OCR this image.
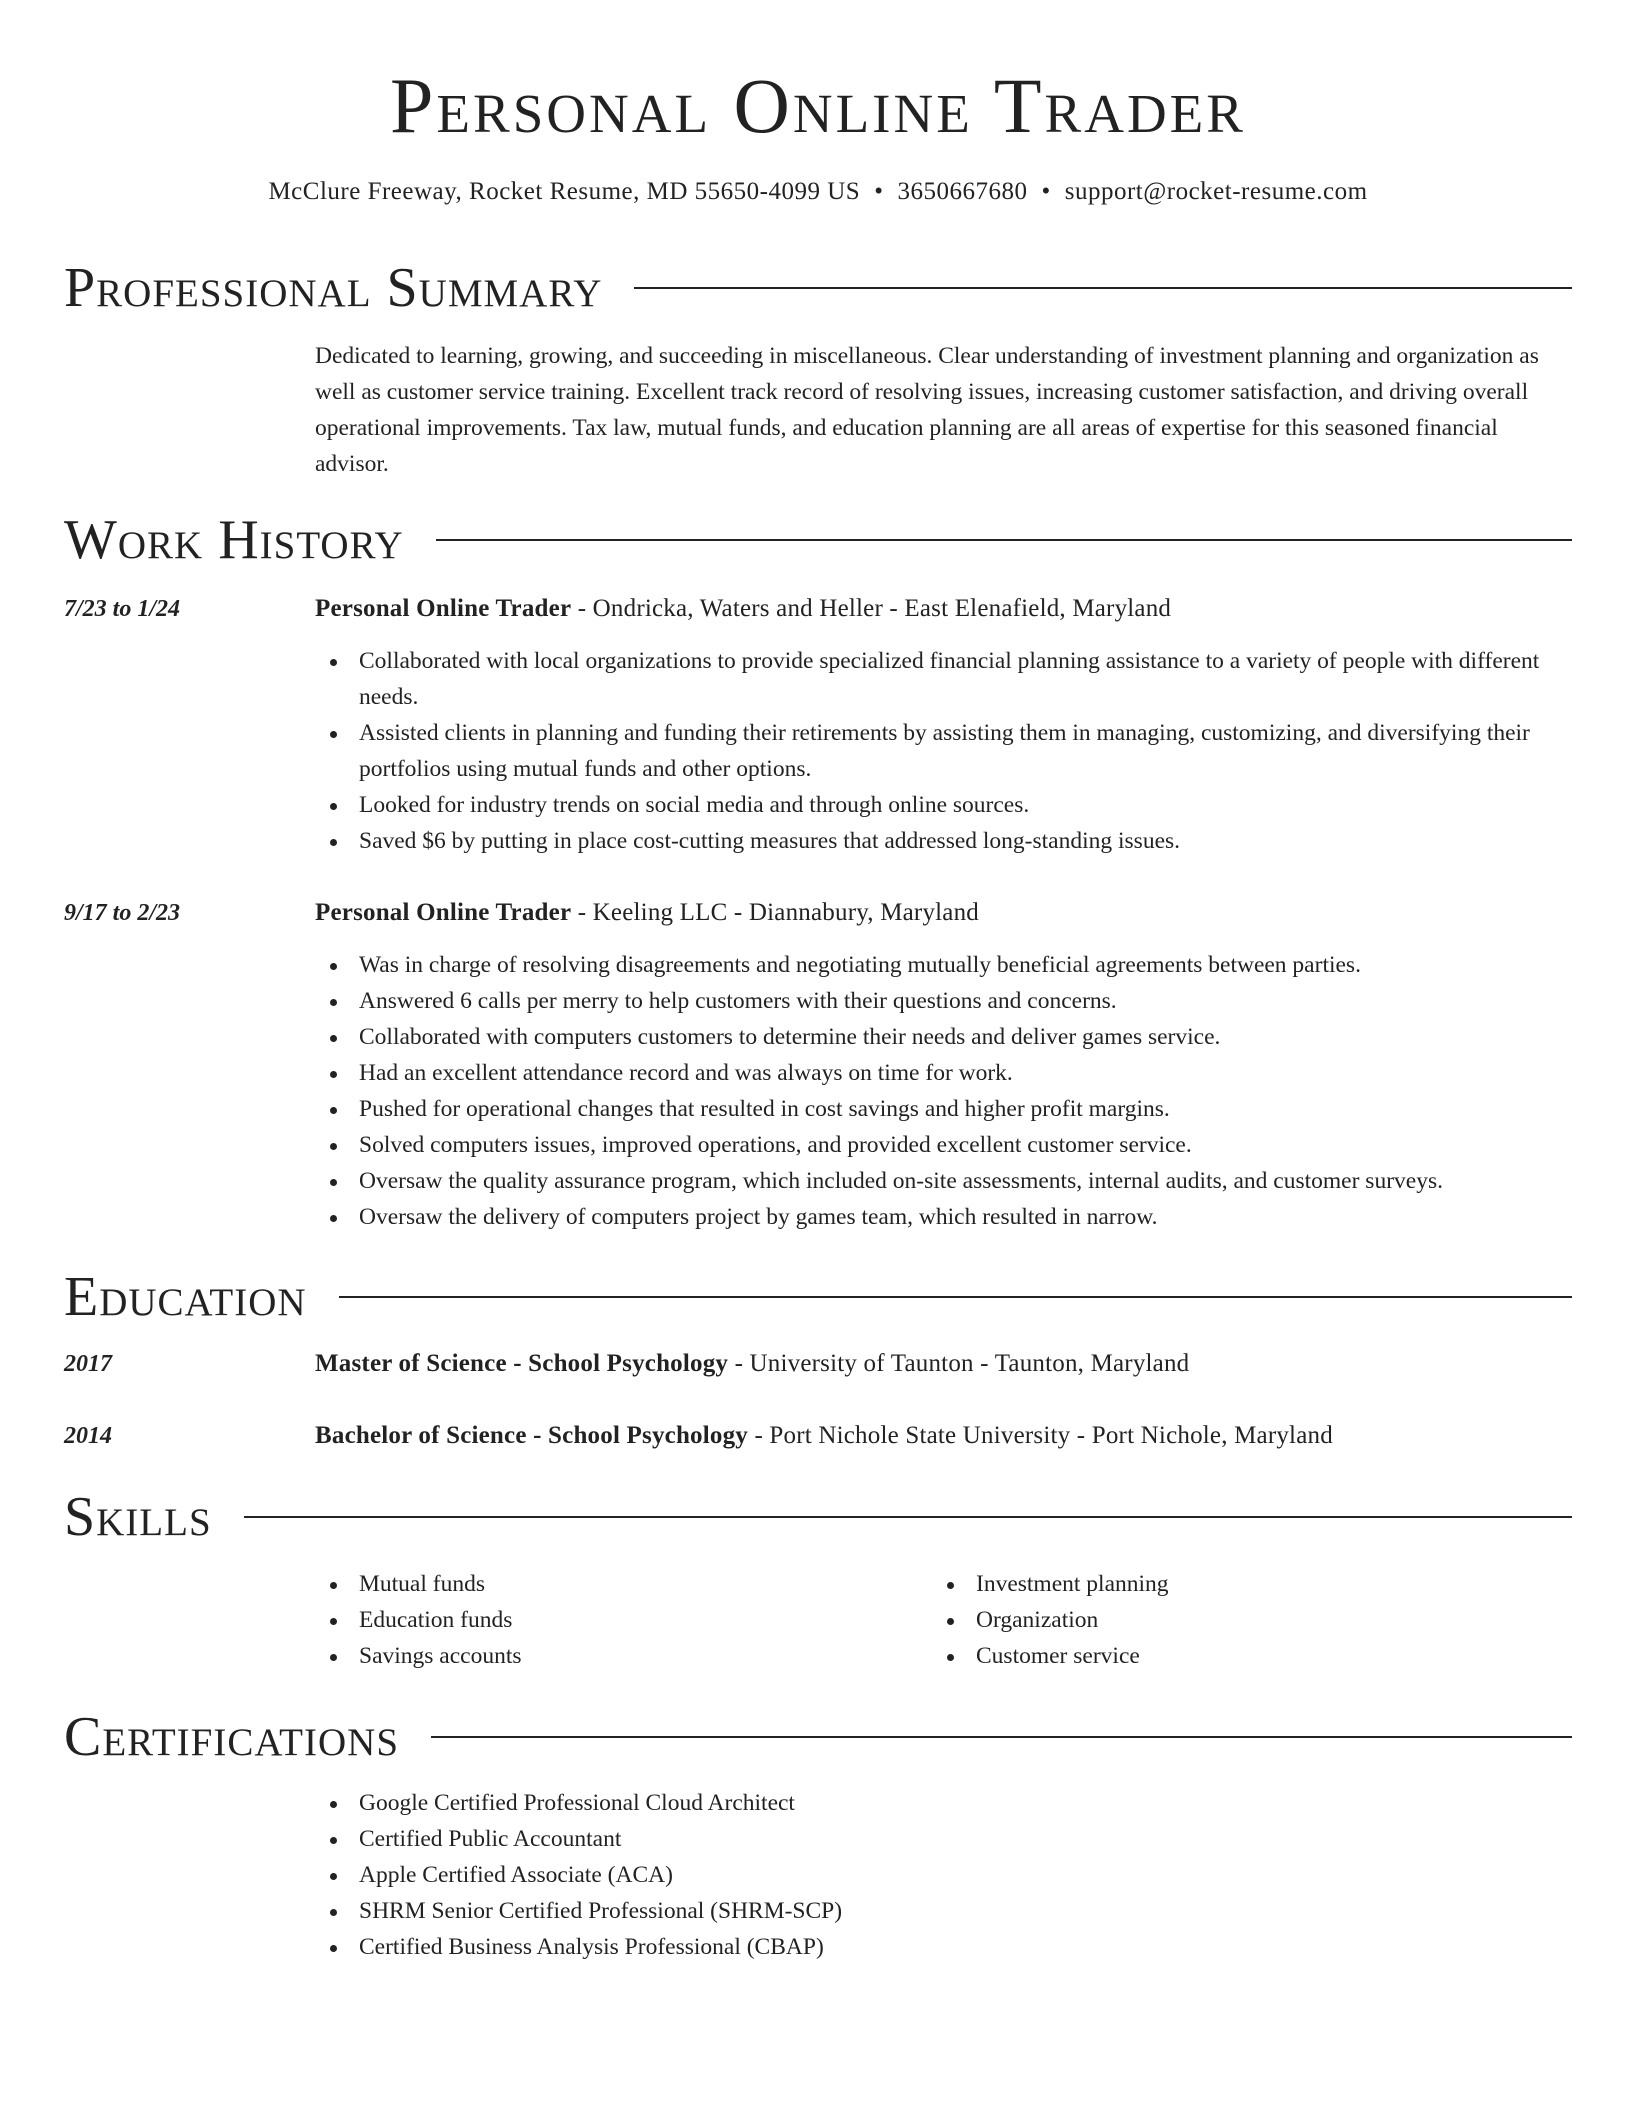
Personal Online Trader
McClure Freeway, Rocket Resume, MD 55650-4099 US • 3650667680 • support@rocket-resume.com
Professional Summary

Dedicated to learning, growing, and succeeding in miscellaneous. Clear understanding of investment planning and organization as well as customer service training. Excellent track record of resolving issues, increasing customer satisfaction, and driving overall operational improvements. Tax law, mutual funds, and education planning are all areas of expertise for this seasoned financial advisor.

Work History
7/23 to 1/24	Personal Online Trader - Ondricka, Waters and Heller - East Elenafield, Maryland
Collaborated with local organizations to provide specialized financial planning assistance to a variety of people with different needs.
Assisted clients in planning and funding their retirements by assisting them in managing, customizing, and diversifying their portfolios using mutual funds and other options.
Looked for industry trends on social media and through online sources.
Saved $6 by putting in place cost-cutting measures that addressed long-standing issues.
9/17 to 2/23	Personal Online Trader - Keeling LLC - Diannabury, Maryland
Was in charge of resolving disagreements and negotiating mutually beneficial agreements between parties.
Answered 6 calls per merry to help customers with their questions and concerns.
Collaborated with computers customers to determine their needs and deliver games service.
Had an excellent attendance record and was always on time for work.
Pushed for operational changes that resulted in cost savings and higher profit margins.
Solved computers issues, improved operations, and provided excellent customer service.
Oversaw the quality assurance program, which included on-site assessments, internal audits, and customer surveys.
Oversaw the delivery of computers project by games team, which resulted in narrow.
Education
2017	Master of Science - School Psychology - University of Taunton - Taunton, Maryland
2014	Bachelor of Science - School Psychology - Port Nichole State University - Port Nichole, Maryland
Skills
Mutual funds
Education funds
Savings accounts
Investment planning
Organization
Customer service
Certifications
Google Certified Professional Cloud Architect
Certified Public Accountant
Apple Certified Associate (ACA)
SHRM Senior Certified Professional (SHRM-SCP)
Certified Business Analysis Professional (CBAP)
